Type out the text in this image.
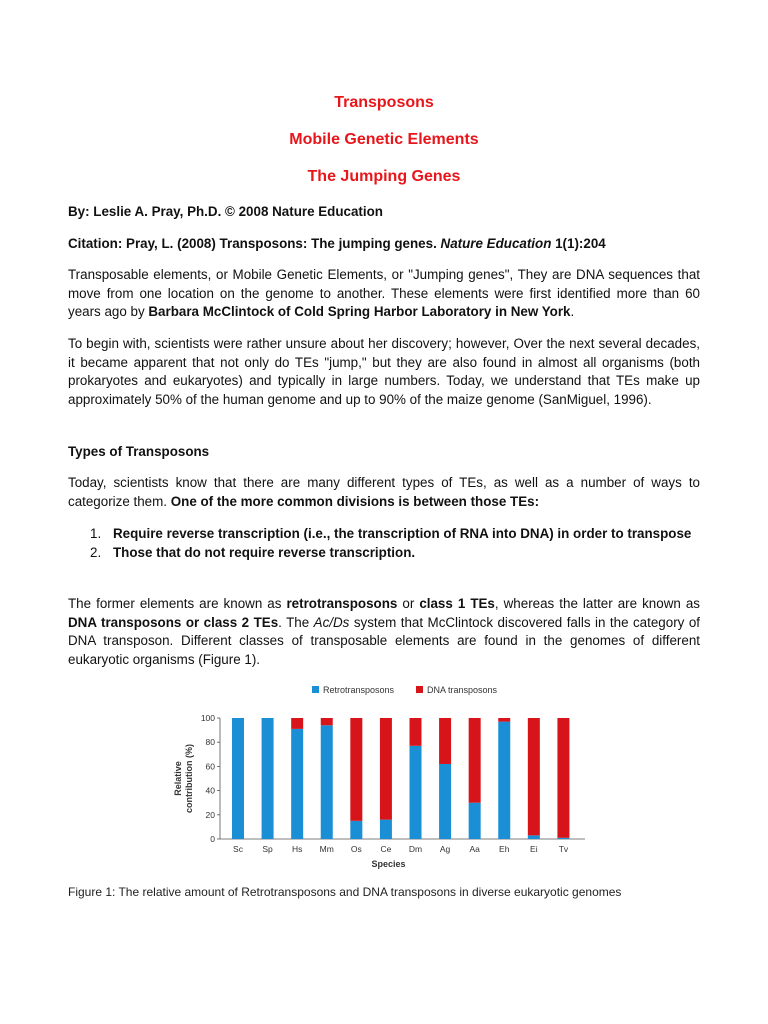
Transposons
Mobile Genetic Elements
The Jumping Genes

By: Leslie A. Pray, Ph.D. © 2008 Nature Education

Citation: Pray, L. (2008) Transposons: The jumping genes. Nature Education 1(1):204

Transposable elements, or Mobile Genetic Elements, or "Jumping genes", They are DNA sequences that move from one location on the genome to another. These elements were first identified more than 60 years ago by Barbara McClintock of Cold Spring Harbor Laboratory in New York.

To begin with, scientists were rather unsure about her discovery; however, Over the next several decades, it became apparent that not only do TEs "jump," but they are also found in almost all organisms (both prokaryotes and eukaryotes) and typically in large numbers. Today, we understand that TEs make up approximately 50% of the human genome and up to 90% of the maize genome (SanMiguel, 1996).

Types of Transposons

Today, scientists know that there are many different types of TEs, as well as a number of ways to categorize them. One of the more common divisions is between those TEs:

1. Require reverse transcription (i.e., the transcription of RNA into DNA) in order to transpose
2. Those that do not require reverse transcription.

The former elements are known as retrotransposons or class 1 TEs, whereas the latter are known as DNA transposons or class 2 TEs. The Ac/Ds system that McClintock discovered falls in the category of DNA transposon. Different classes of transposable elements are found in the genomes of different eukaryotic organisms (Figure 1).

Retrotransposons	DNA transposons
0
20
40
60
80
100
Sc Sp Hs Mm Os Ce Dm Ag Aa Eh Ei Tv
Species
Relative contribution (%)
Figure 1: The relative amount of Retrotransposons and DNA transposons in diverse eukaryotic genomes
